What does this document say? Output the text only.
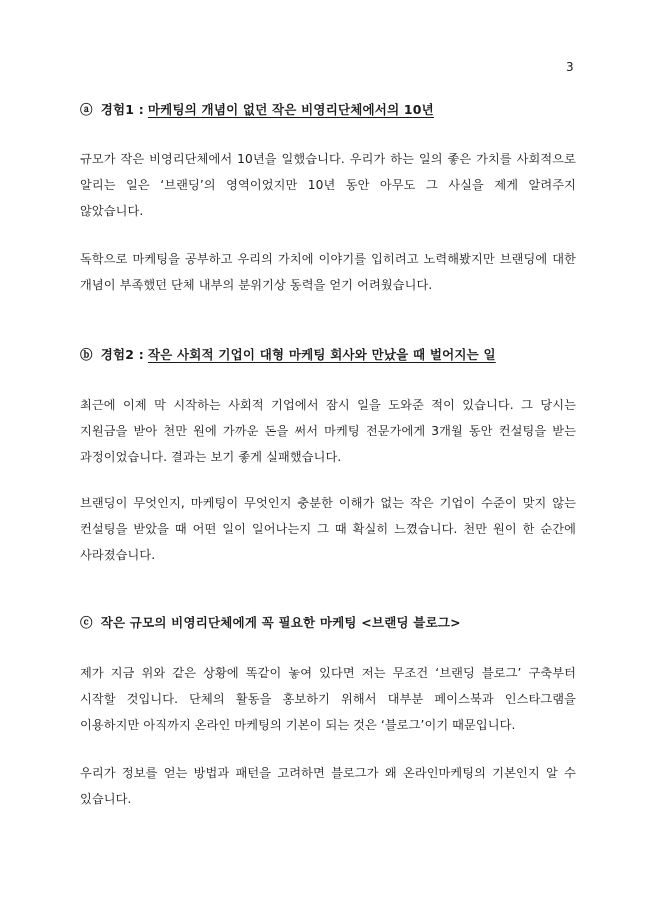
3
ⓐ 경험1 : 마케팅의 개념이 없던 작은 비영리단체에서의 10년

규모가 작은 비영리단체에서 10년을 일했습니다. 우리가 하는 일의 좋은 가치를 사회적으로 알리는 일은 ‘브랜딩’의 영역이었지만 10년 동안 아무도 그 사실을 제게 알려주지 않았습니다.

독학으로 마케팅을 공부하고 우리의 가치에 이야기를 입히려고 노력해봤지만 브랜딩에 대한 개념이 부족했던 단체 내부의 분위기상 동력을 얻기 어려웠습니다.

ⓑ 경험2 : 작은 사회적 기업이 대형 마케팅 회사와 만났을 때 벌어지는 일

최근에 이제 막 시작하는 사회적 기업에서 잠시 일을 도와준 적이 있습니다. 그 당시는 지원금을 받아 천만 원에 가까운 돈을 써서 마케팅 전문가에게 3개월 동안 컨설팅을 받는 과정이었습니다. 결과는 보기 좋게 실패했습니다.

브랜딩이 무엇인지, 마케팅이 무엇인지 충분한 이해가 없는 작은 기업이 수준이 맞지 않는 컨설팅을 받았을 때 어떤 일이 일어나는지 그 때 확실히 느꼈습니다. 천만 원이 한 순간에 사라졌습니다.

ⓒ 작은 규모의 비영리단체에게 꼭 필요한 마케팅 <브랜딩 블로그>

제가 지금 위와 같은 상황에 똑같이 놓여 있다면 저는 무조건 ‘브랜딩 블로그’ 구축부터 시작할 것입니다. 단체의 활동을 홍보하기 위해서 대부분 페이스북과 인스타그램을 이용하지만 아직까지 온라인 마케팅의 기본이 되는 것은 ‘블로그’이기 때문입니다.

우리가 정보를 얻는 방법과 패턴을 고려하면 블로그가 왜 온라인마케팅의 기본인지 알 수 있습니다.
